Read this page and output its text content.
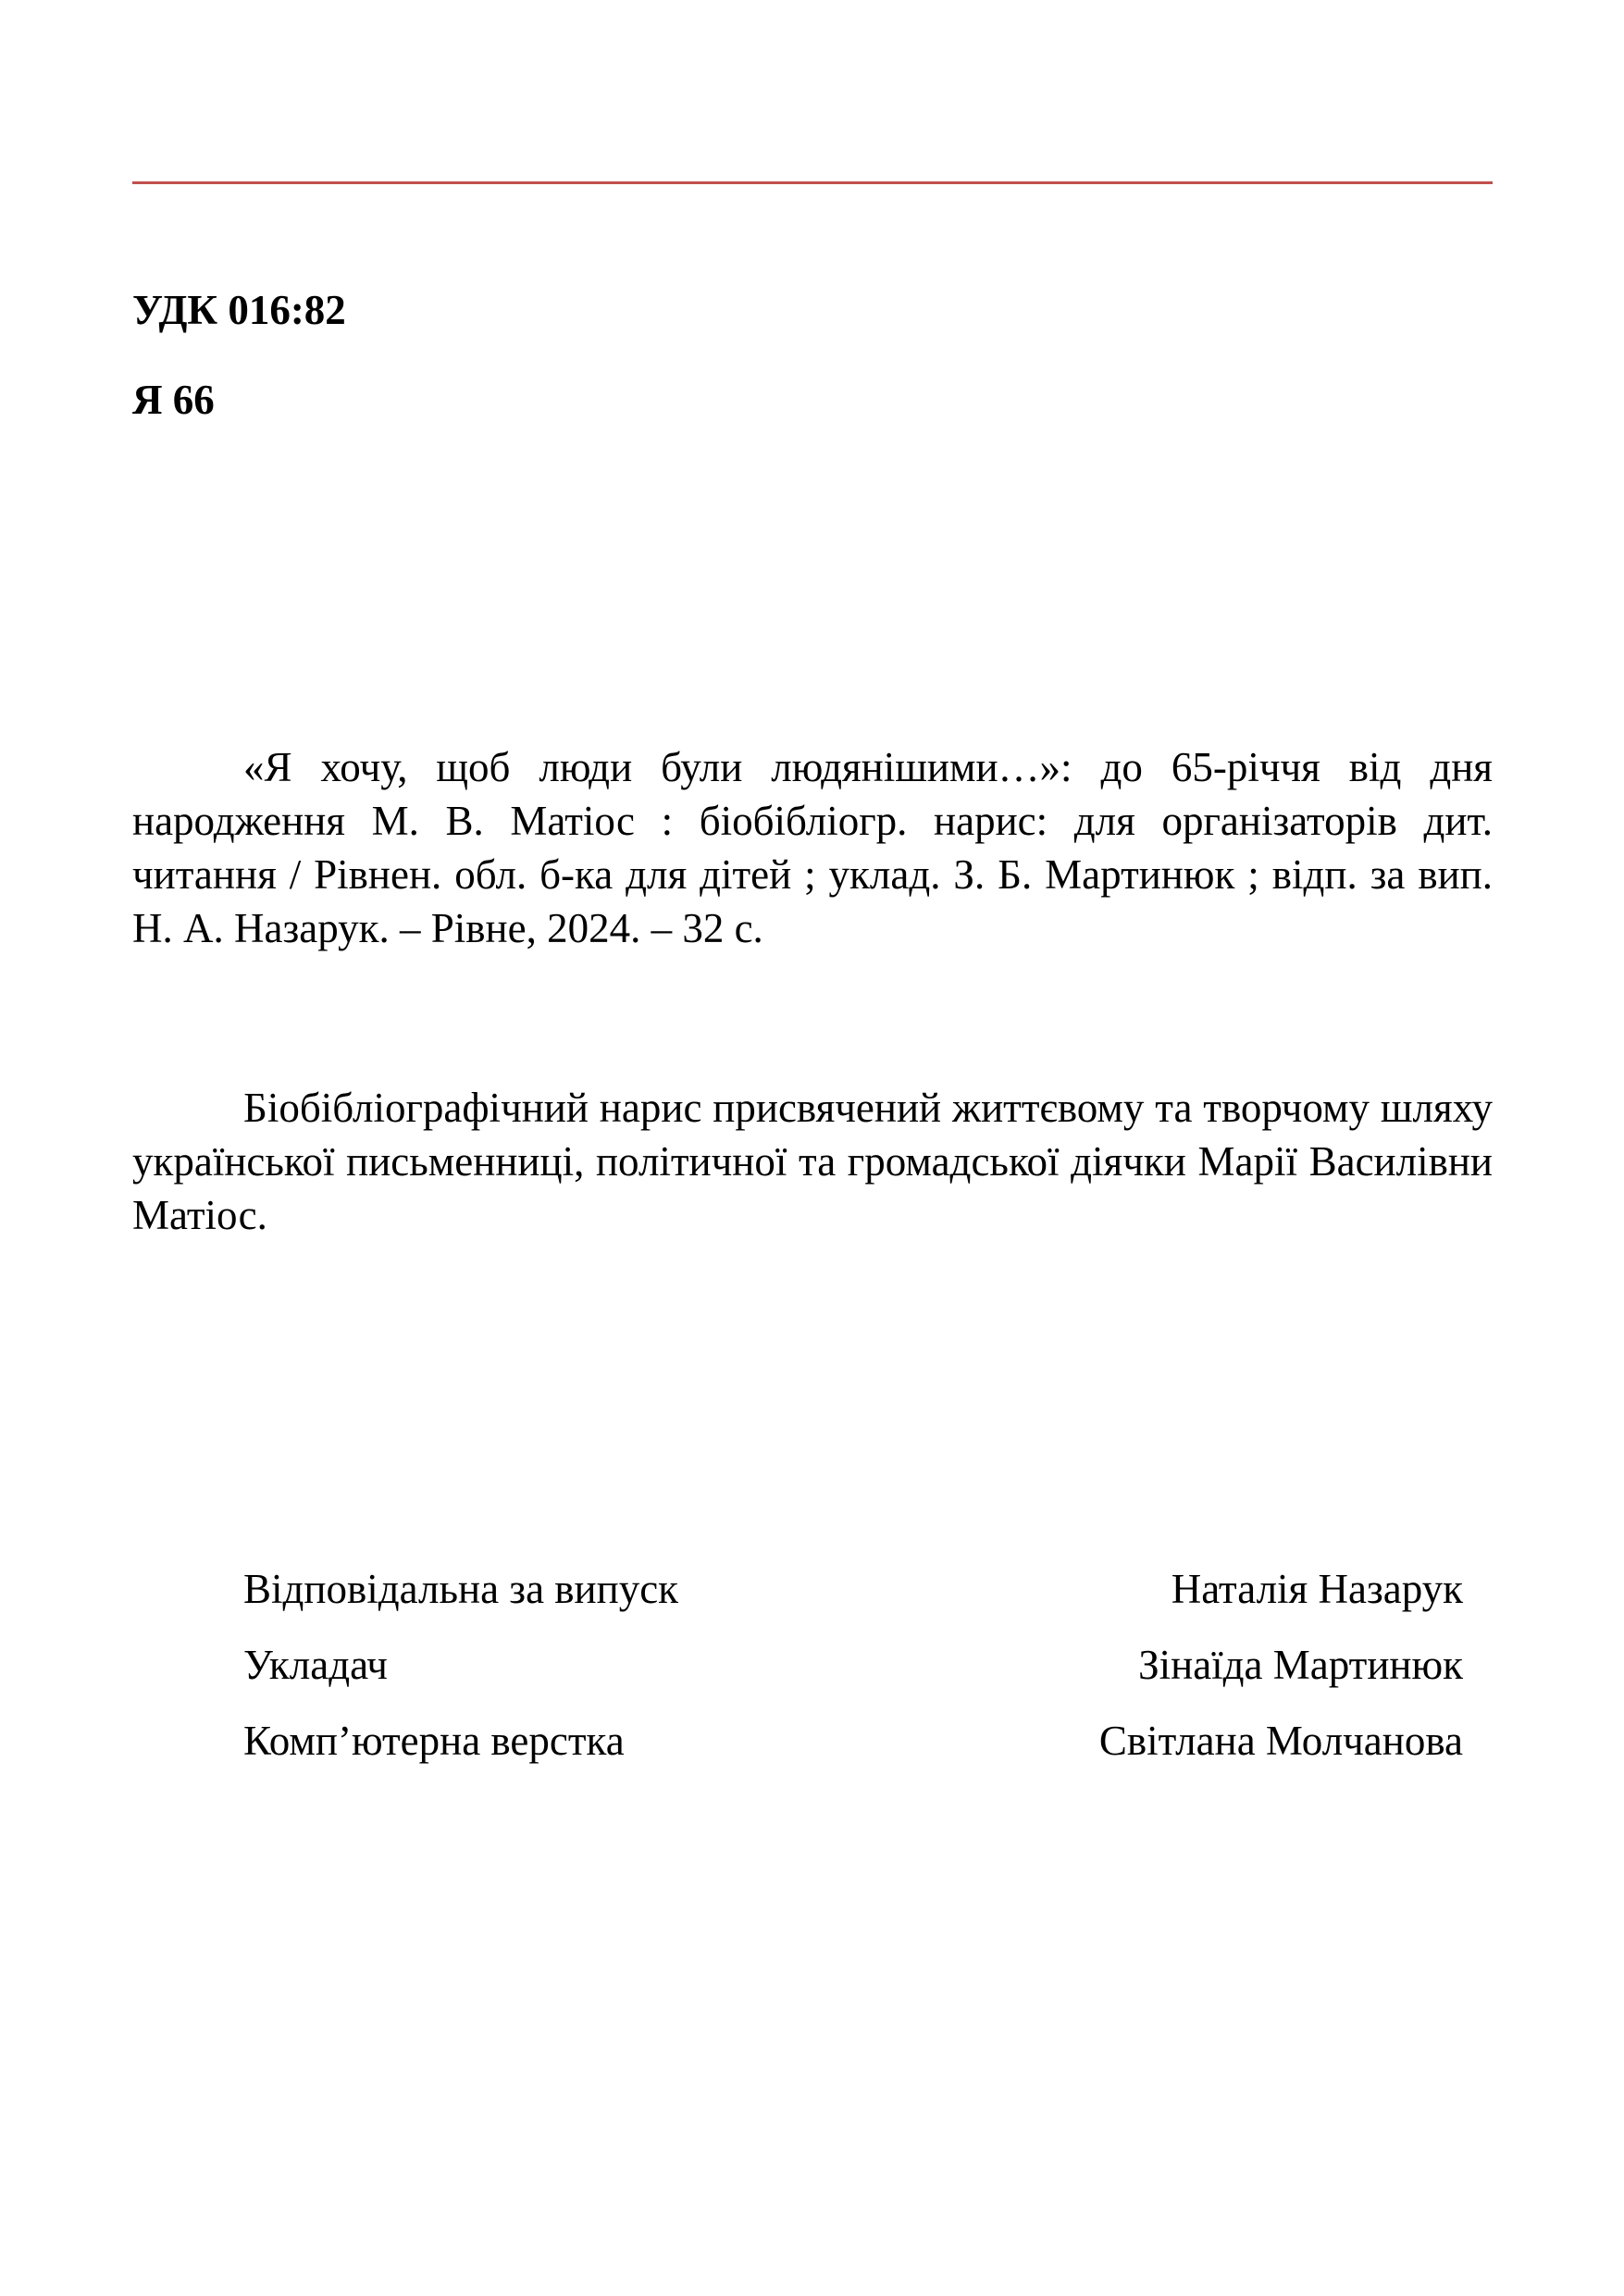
УДК 016:82
Я 66

«Я хочу, щоб люди були людянішими…»: до 65-річчя від дня народження М. В. Матіос : біобібліогр. нарис: для організаторів дит. читання / Рівнен. обл. б-ка для дітей ; уклад. З. Б. Мартинюк ; відп. за вип. Н. А. Назарук. – Рівне, 2024. – 32 с.

Біобібліографічний нарис присвячений життєвому та творчому шляху української письменниці, політичної та громадської діячки Марії Василівни Матіос.

Відповідальна за випуск	Наталія Назарук
Укладач	Зінаїда Мартинюк
Комп’ютерна верстка	Світлана Молчанова
